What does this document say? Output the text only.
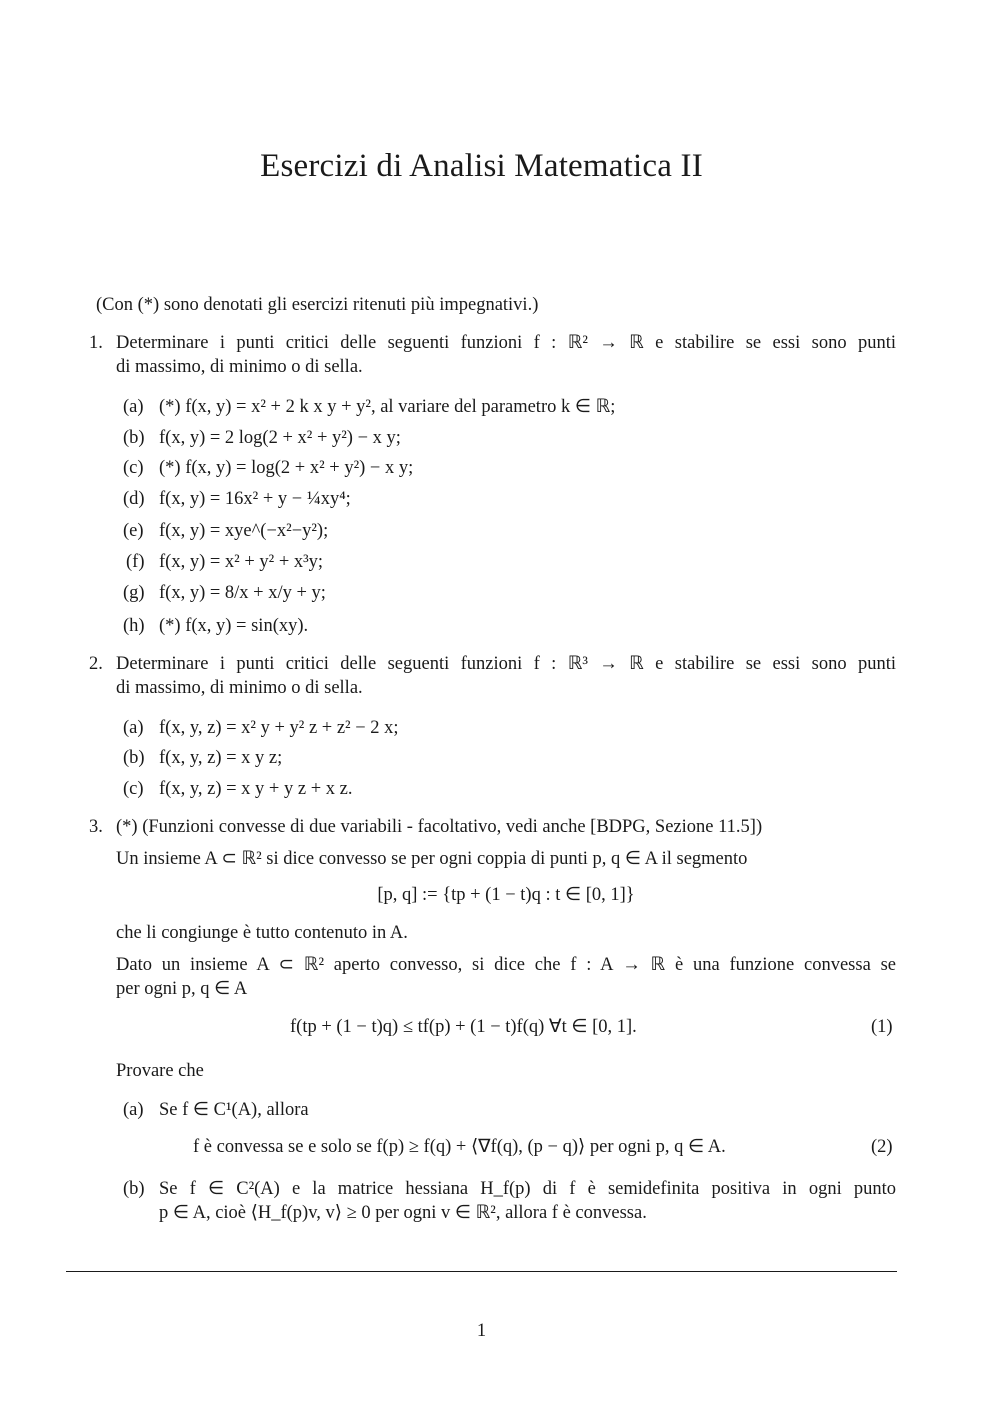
Esercizi di Analisi Matematica II
(Con (*) sono denotati gli esercizi ritenuti più impegnativi.)
1. Determinare i punti critici delle seguenti funzioni f : ℝ² → ℝ e stabilire se essi sono punti
di massimo, di minimo o di sella.
(a) (*) f(x, y) = x² + 2 k x y + y², al variare del parametro k ∈ ℝ;
(b) f(x, y) = 2 log(2 + x² + y²) − x y;
(c) (*) f(x, y) = log(2 + x² + y²) − x y;
(d) f(x, y) = 16x² + y − ¼xy⁴;
(e) f(x, y) = xye^(−x²−y²);
(f) f(x, y) = x² + y² + x³y;
(g) f(x, y) = 8/x + x/y + y;
(h) (*) f(x, y) = sin(xy).
2. Determinare i punti critici delle seguenti funzioni f : ℝ³ → ℝ e stabilire se essi sono punti
di massimo, di minimo o di sella.
(a) f(x, y, z) = x² y + y² z + z² − 2 x;
(b) f(x, y, z) = x y z;
(c) f(x, y, z) = x y + y z + x z.
3. (*) (Funzioni convesse di due variabili - facoltativo, vedi anche [BDPG, Sezione 11.5])
Un insieme A ⊂ ℝ² si dice convesso se per ogni coppia di punti p, q ∈ A il segmento
[p, q] := {tp + (1 − t)q : t ∈ [0, 1]}
che li congiunge è tutto contenuto in A.
Dato un insieme A ⊂ ℝ² aperto convesso, si dice che f : A → ℝ è una funzione convessa se
per ogni p, q ∈ A
f(tp + (1 − t)q) ≤ tf(p) + (1 − t)f(q) ∀t ∈ [0, 1].	(1)
Provare che
(a) Se f ∈ C¹(A), allora
f è convessa se e solo se f(p) ≥ f(q) + ⟨∇f(q), (p − q)⟩ per ogni p, q ∈ A.	(2)
(b) Se f ∈ C²(A) e la matrice hessiana H_f(p) di f è semidefinita positiva in ogni punto
p ∈ A, cioè ⟨H_f(p)v, v⟩ ≥ 0 per ogni v ∈ ℝ², allora f è convessa.
1
